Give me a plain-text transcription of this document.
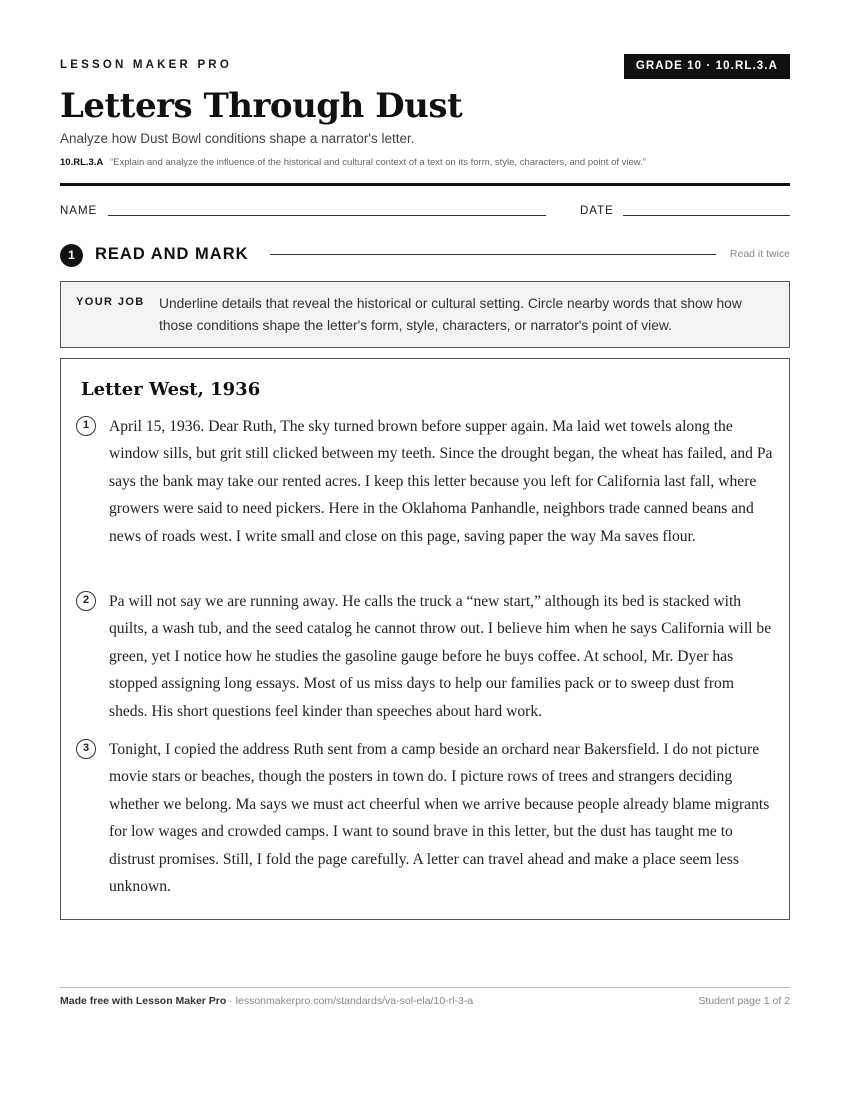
LESSON MAKER PRO	GRADE 10 · 10.RL.3.A
Letters Through Dust
Analyze how Dust Bowl conditions shape a narrator's letter.
10.RL.3.A “Explain and analyze the influence of the historical and cultural context of a text on its form, style, characters, and point of view.”
NAME	DATE
1	READ AND MARK	Read it twice
YOUR JOB Underline details that reveal the historical or cultural setting. Circle nearby words that show how those conditions shape the letter's form, style, characters, or narrator's point of view.
Letter West, 1936
1	April 15, 1936. Dear Ruth, The sky turned brown before supper again. Ma laid wet towels along the window sills, but grit still clicked between my teeth. Since the drought began, the wheat has failed, and Pa says the bank may take our rented acres. I keep this letter because you left for California last fall, where growers were said to need pickers. Here in the Oklahoma Panhandle, neighbors trade canned beans and news of roads west. I write small and close on this page, saving paper the way Ma saves flour.

2	Pa will not say we are running away. He calls the truck a “new start,” although its bed is stacked with quilts, a wash tub, and the seed catalog he cannot throw out. I believe him when he says California will be green, yet I notice how he studies the gasoline gauge before he buys coffee. At school, Mr. Dyer has stopped assigning long essays. Most of us miss days to help our families pack or to sweep dust from sheds. His short questions feel kinder than speeches about hard work.

3	Tonight, I copied the address Ruth sent from a camp beside an orchard near Bakersfield. I do not picture movie stars or beaches, though the posters in town do. I picture rows of trees and strangers deciding whether we belong. Ma says we must act cheerful when we arrive because people already blame migrants for low wages and crowded camps. I want to sound brave in this letter, but the dust has taught me to distrust promises. Still, I fold the page carefully. A letter can travel ahead and make a place seem less unknown.

Made free with Lesson Maker Pro · lessonmakerpro.com/standards/va-sol-ela/10-rl-3-a	Student page 1 of 2
